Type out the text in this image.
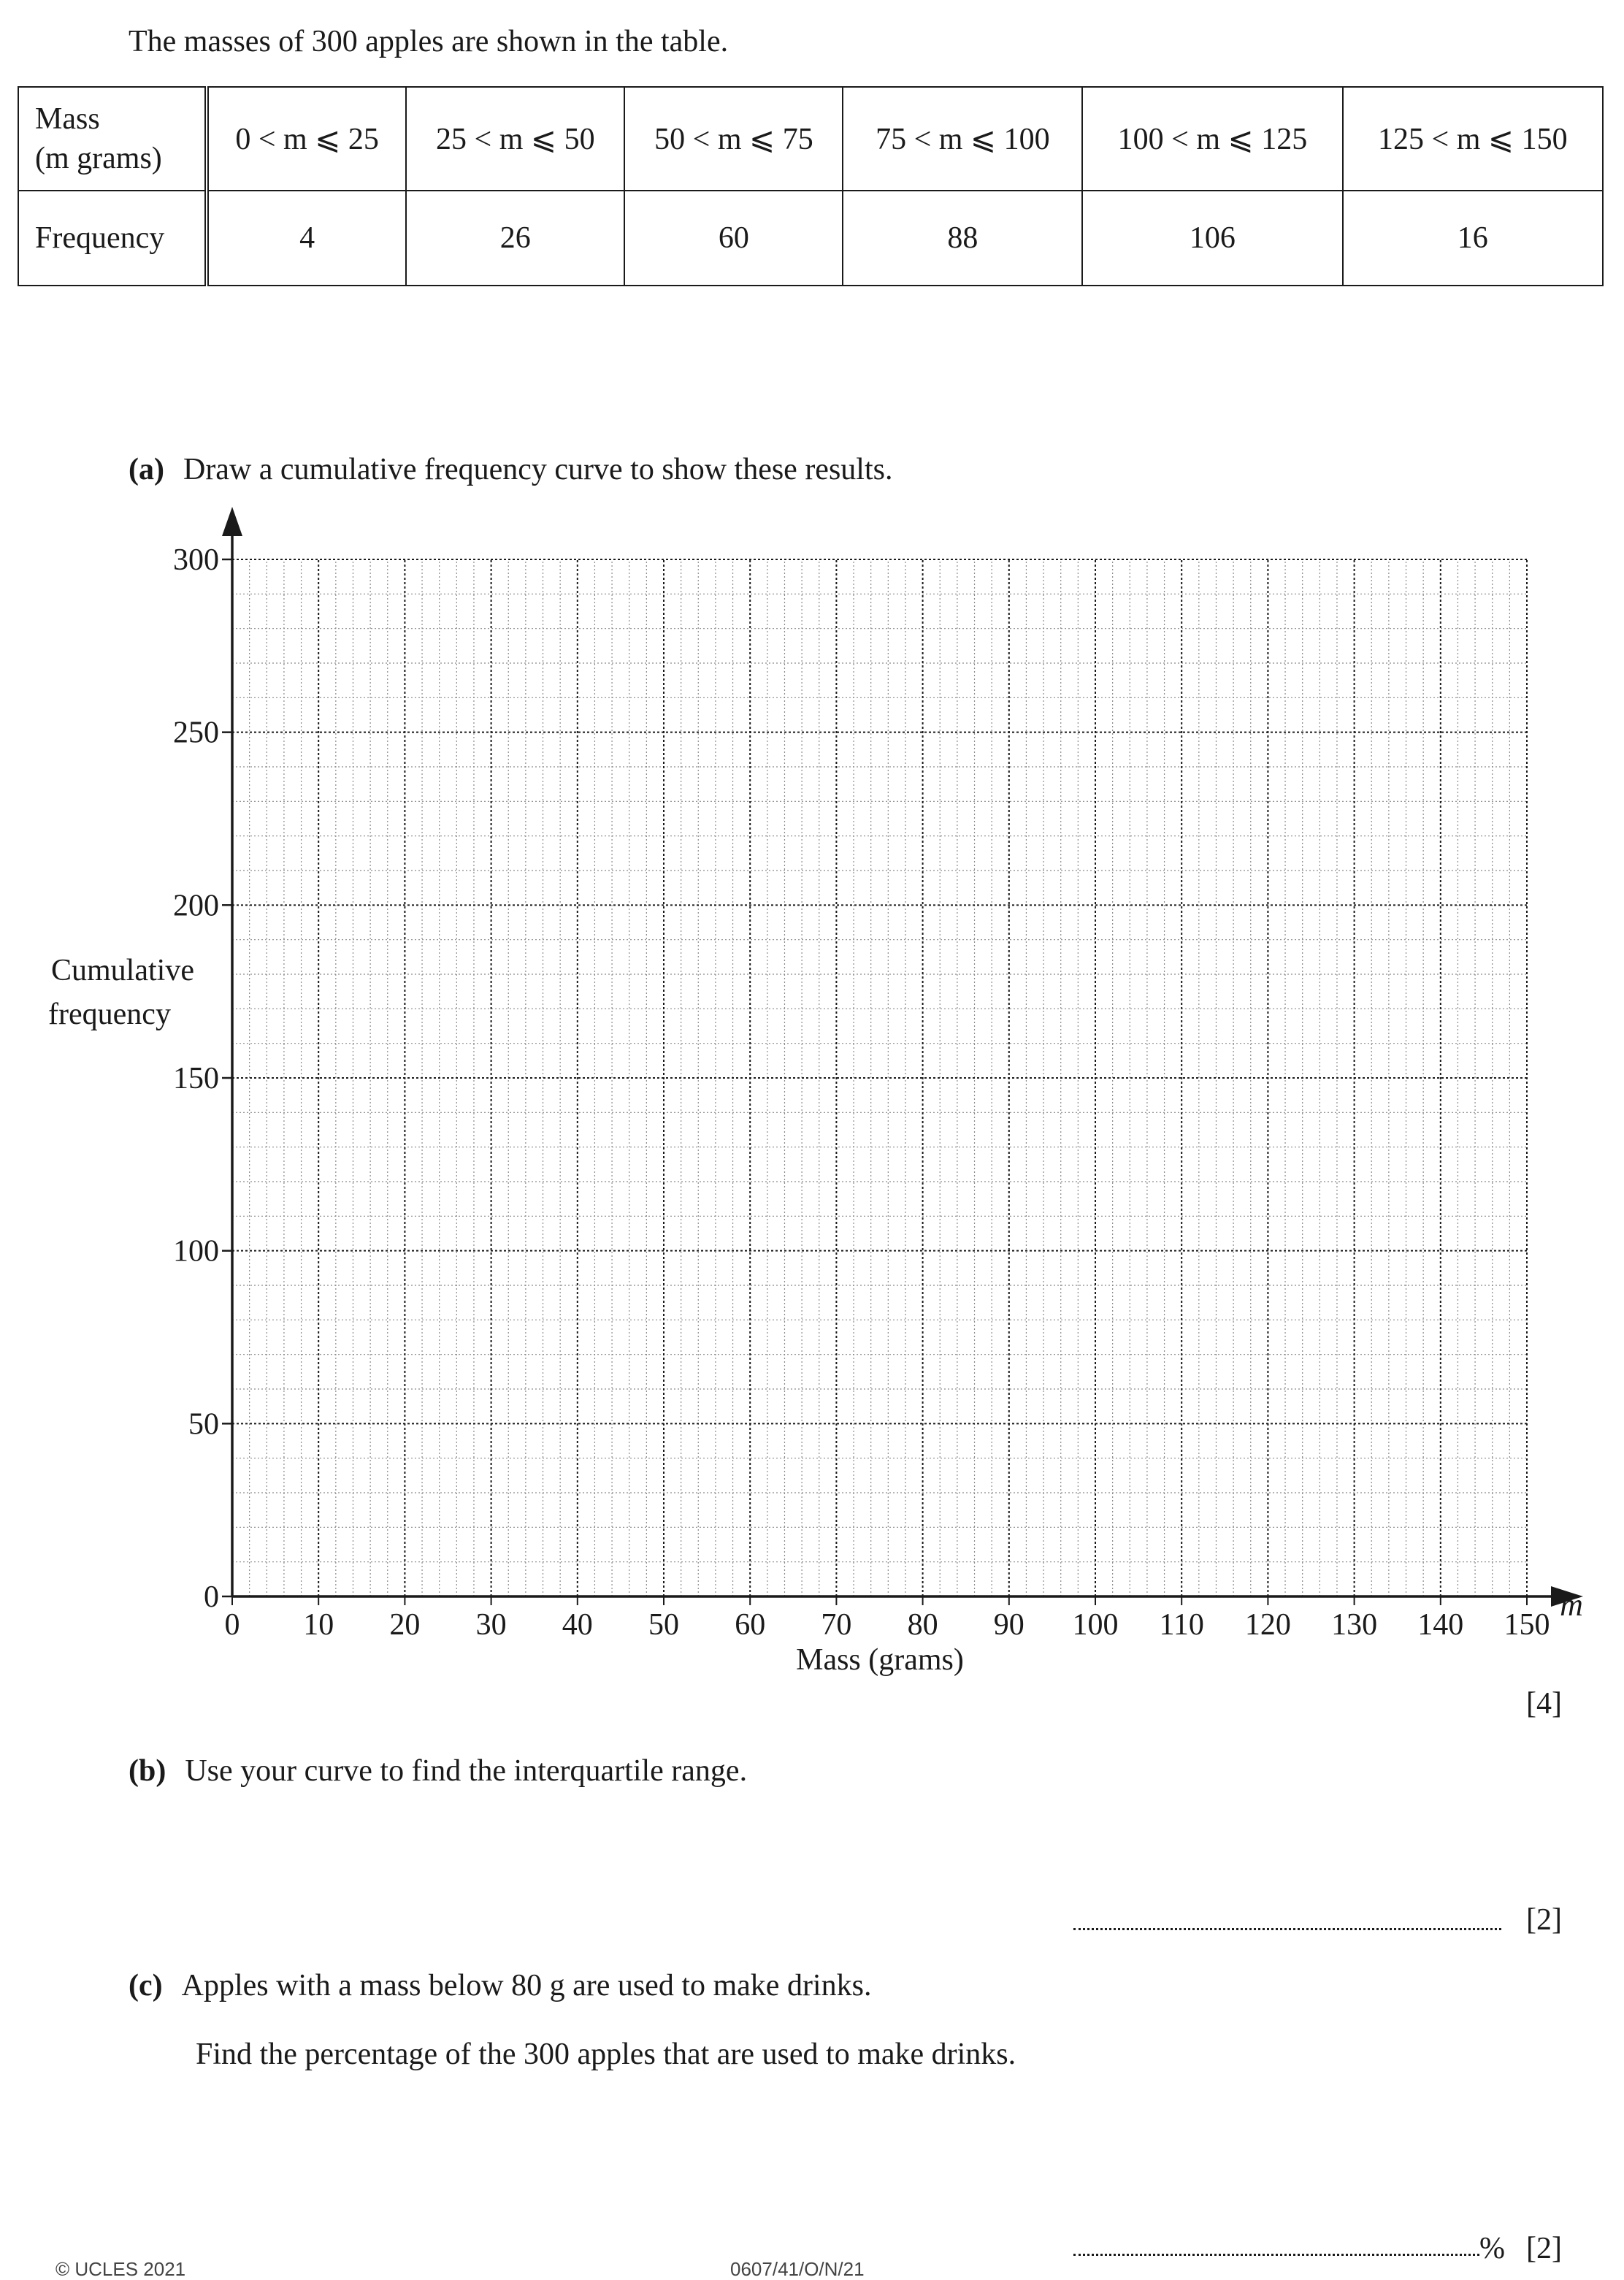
The masses of 300 apples are shown in the table.
Mass
(m grams)	0 < m ⩽ 25	25 < m ⩽ 50	50 < m ⩽ 75	75 < m ⩽ 100	100 < m ⩽ 125	125 < m ⩽ 150
Frequency	4	26	60	88	106	16
(a) Draw a cumulative frequency curve to show these results.
0 10 20 30 40 50 60 70 80 90 100 110 120 130 140 150
0
50
100
150
200
250
300
Cumulative
frequency
Mass (grams)
m
[4]
(b) Use your curve to find the interquartile range.
[2]
(c) Apples with a mass below 80 g are used to make drinks.
Find the percentage of the 300 apples that are used to make drinks.
% [2]
© UCLES 2021	0607/41/O/N/21
